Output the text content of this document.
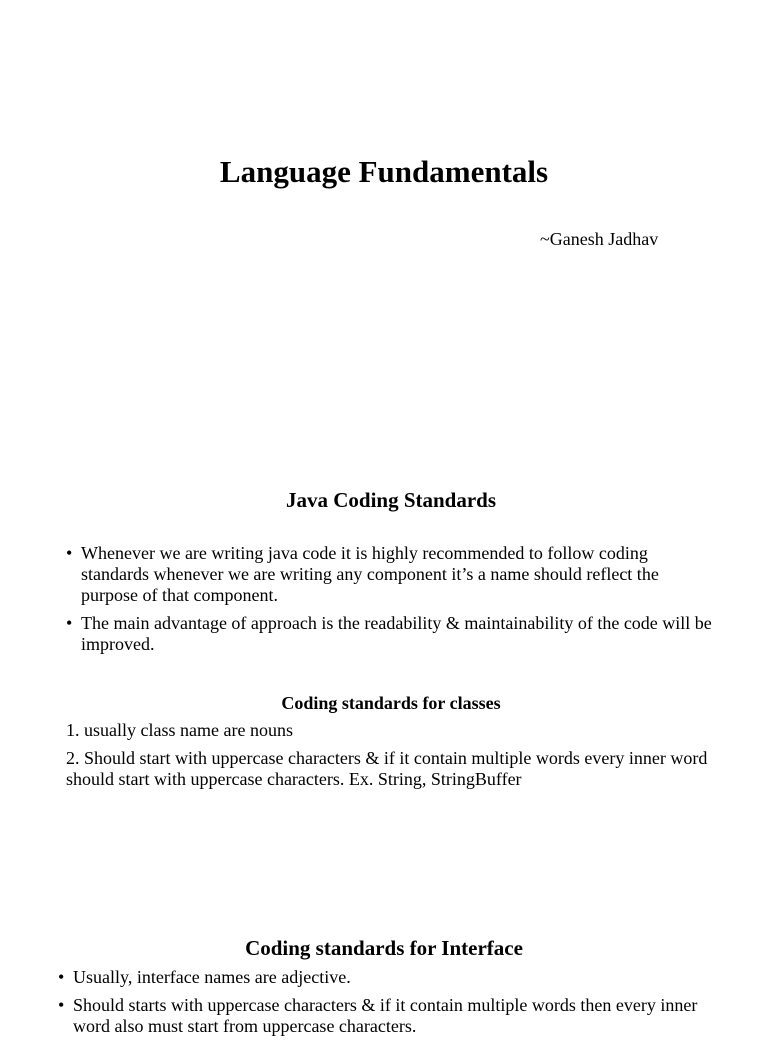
Language Fundamentals
~Ganesh Jadhav
Java Coding Standards
• Whenever we are writing java code it is highly recommended to follow coding standards whenever we are writing any component it’s a name should reflect the purpose of that component.
• The main advantage of approach is the readability & maintainability of the code will be improved.
Coding standards for classes

1. usually class name are nouns

2. Should start with uppercase characters & if it contain multiple words every inner word should start with uppercase characters. Ex. String, StringBuffer

Coding standards for Interface
• Usually, interface names are adjective.
• Should starts with uppercase characters & if it contain multiple words then every inner word also must start from uppercase characters.
